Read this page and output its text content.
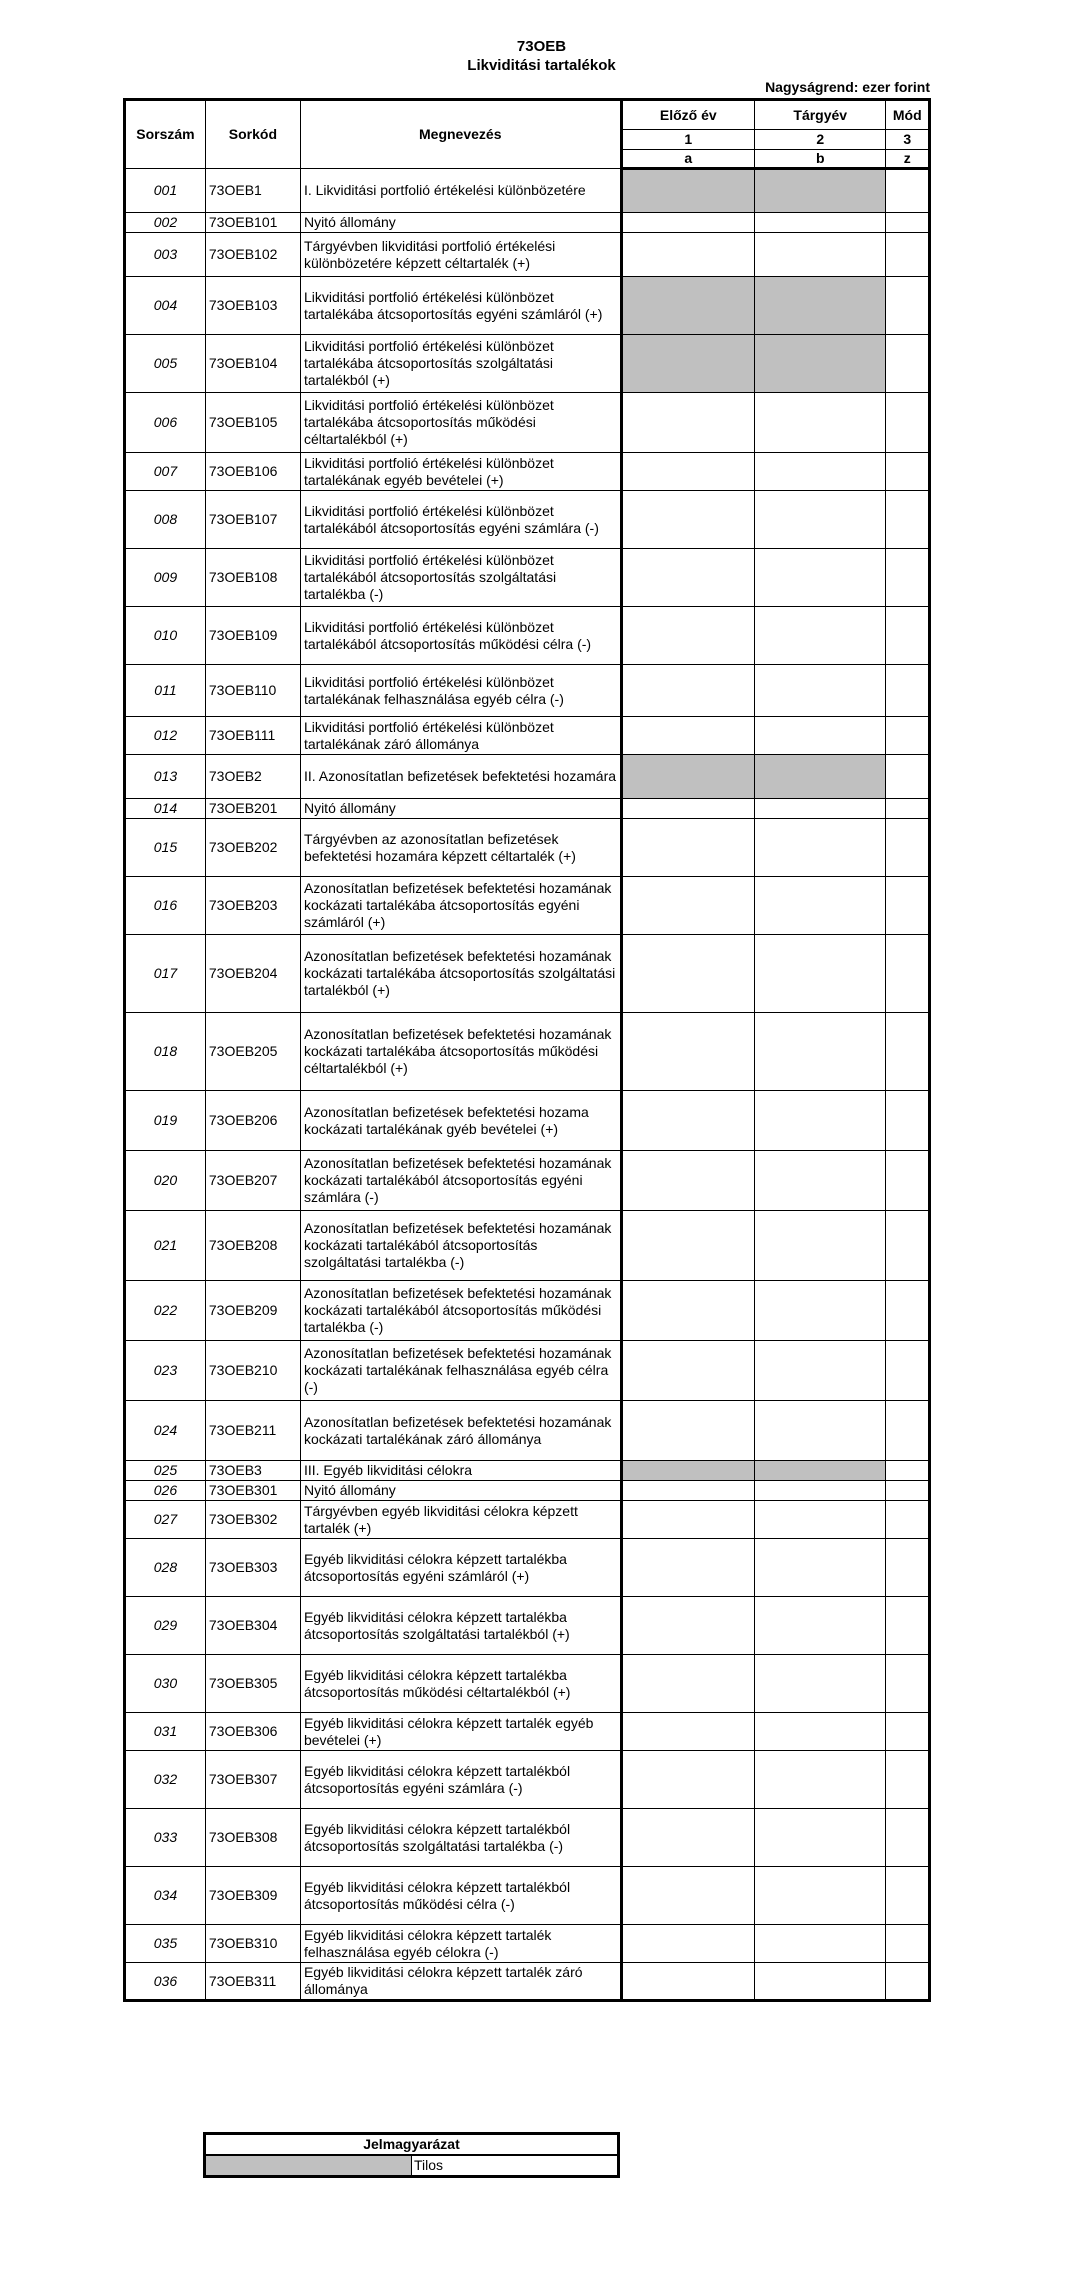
73OEB
Likviditási tartalékok
Nagyságrend: ezer forint
Sorszám	Sorkód	Megnevezés	Előző év	Tárgyév	Mód
			1	2	3
			a	b	z
001	73OEB1	I. Likviditási portfolió értékelési különbözetére			
002	73OEB101	Nyitó állomány			
003	73OEB102	Tárgyévben likviditási portfolió értékelési különbözetére képzett céltartalék (+)			
004	73OEB103	Likviditási portfolió értékelési különbözet tartalékába átcsoportosítás egyéni számláról (+)			
005	73OEB104	Likviditási portfolió értékelési különbözet tartalékába átcsoportosítás szolgáltatási tartalékból (+)			
006	73OEB105	Likviditási portfolió értékelési különbözet tartalékába átcsoportosítás működési céltartalékból (+)			
007	73OEB106	Likviditási portfolió értékelési különbözet tartalékának egyéb bevételei (+)			
008	73OEB107	Likviditási portfolió értékelési különbözet tartalékából átcsoportosítás egyéni számlára (-)			
009	73OEB108	Likviditási portfolió értékelési különbözet tartalékából átcsoportosítás szolgáltatási tartalékba (-)			
010	73OEB109	Likviditási portfolió értékelési különbözet tartalékából átcsoportosítás működési célra (-)			
011	73OEB110	Likviditási portfolió értékelési különbözet tartalékának felhasználása egyéb célra (-)			
012	73OEB111	Likviditási portfolió értékelési különbözet tartalékának záró állománya			
013	73OEB2	II. Azonosítatlan befizetések befektetési hozamára			
014	73OEB201	Nyitó állomány			
015	73OEB202	Tárgyévben az azonosítatlan befizetések befektetési hozamára képzett céltartalék (+)			
016	73OEB203	Azonosítatlan befizetések befektetési hozamának kockázati tartalékába átcsoportosítás egyéni számláról (+)			
017	73OEB204	Azonosítatlan befizetések befektetési hozamának kockázati tartalékába átcsoportosítás szolgáltatási tartalékból (+)			
018	73OEB205	Azonosítatlan befizetések befektetési hozamának kockázati tartalékába átcsoportosítás működési céltartalékból (+)			
019	73OEB206	Azonosítatlan befizetések befektetési hozama kockázati tartalékának gyéb bevételei (+)			
020	73OEB207	Azonosítatlan befizetések befektetési hozamának kockázati tartalékából átcsoportosítás egyéni számlára (-)			
021	73OEB208	Azonosítatlan befizetések befektetési hozamának kockázati tartalékából átcsoportosítás szolgáltatási tartalékba (-)			
022	73OEB209	Azonosítatlan befizetések befektetési hozamának kockázati tartalékából átcsoportosítás működési tartalékba (-)			
023	73OEB210	Azonosítatlan befizetések befektetési hozamának kockázati tartalékának felhasználása egyéb célra (-)			
024	73OEB211	Azonosítatlan befizetések befektetési hozamának kockázati tartalékának záró állománya			
025	73OEB3	III. Egyéb likviditási célokra			
026	73OEB301	Nyitó állomány			
027	73OEB302	Tárgyévben egyéb likviditási célokra képzett tartalék (+)			
028	73OEB303	Egyéb likviditási célokra képzett tartalékba átcsoportosítás egyéni számláról (+)			
029	73OEB304	Egyéb likviditási célokra képzett tartalékba átcsoportosítás szolgáltatási tartalékból (+)			
030	73OEB305	Egyéb likviditási célokra képzett tartalékba átcsoportosítás működési céltartalékból (+)			
031	73OEB306	Egyéb likviditási célokra képzett tartalék egyéb bevételei (+)			
032	73OEB307	Egyéb likviditási célokra képzett tartalékból átcsoportosítás egyéni számlára (-)			
033	73OEB308	Egyéb likviditási célokra képzett tartalékból átcsoportosítás szolgáltatási tartalékba (-)			
034	73OEB309	Egyéb likviditási célokra képzett tartalékból átcsoportosítás működési célra (-)			
035	73OEB310	Egyéb likviditási célokra képzett tartalék felhasználása egyéb célokra (-)			
036	73OEB311	Egyéb likviditási célokra képzett tartalék záró állománya			
Jelmagyarázat
	Tilos
